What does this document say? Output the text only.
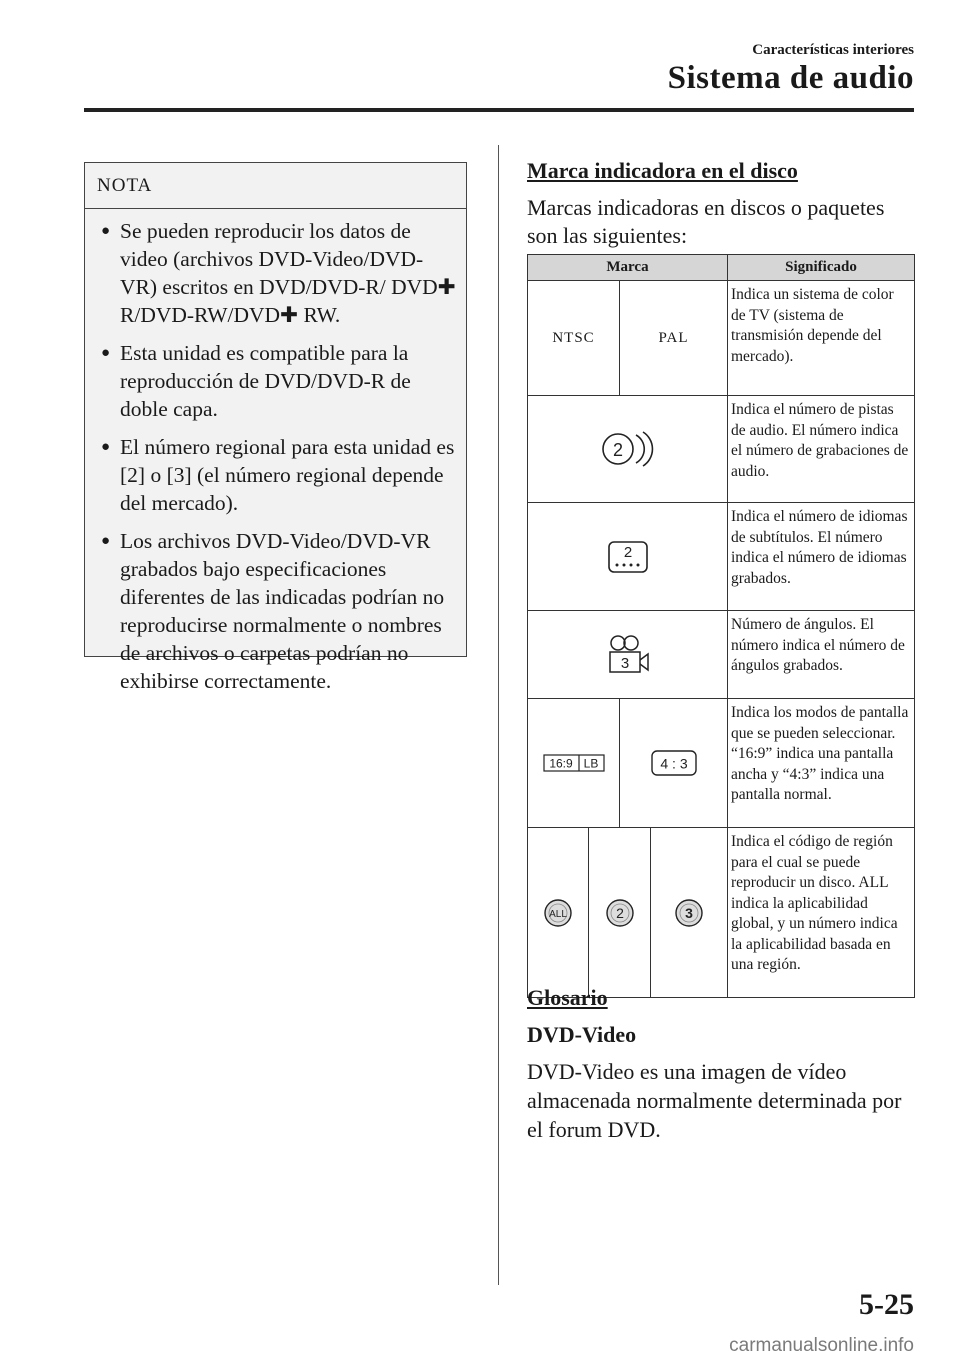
Características interiores
Sistema de audio
NOTA
● Se pueden reproducir los datos de video (archivos DVD-Video/DVD-VR) escritos en DVD/DVD-R/ DVD✚ R/DVD-RW/DVD✚ RW.
● Esta unidad es compatible para la reproducción de DVD/DVD-R de doble capa.
● El número regional para esta unidad es [2] o [3] (el número regional depende del mercado).
● Los archivos DVD-Video/DVD-VR grabados bajo especificaciones diferentes de las indicadas podrían no reproducirse normalmente o nombres de archivos o carpetas podrían no exhibirse correctamente.
Marca indicadora en el disco
Marcas indicadoras en discos o paquetes son las siguientes:
Marca				Significado
NTSC		PAL		Indica un sistema de color de TV (sistema de transmisión depende del mercado).

2				Indica el número de pistas de audio. El número indica el número de grabaciones de audio.

2				Indica el número de idiomas de subtítulos. El número indica el número de idiomas grabados.

3				Número de ángulos. El número indica el número de ángulos grabados.

16:9 LB		4 : 3		Indica los modos de pantalla que se pueden seleccionar. “16:9” indica una pantalla ancha y “4:3” indica una pantalla normal.

ALL	2		3	Indica el código de región para el cual se puede reproducir un disco. ALL indica la aplicabilidad global, y un número indica la aplicabilidad basada en una región.
Glosario
DVD-Video
DVD-Video es una imagen de vídeo almacenada normalmente determinada por el forum DVD.
5-25
carmanualsonline.info
